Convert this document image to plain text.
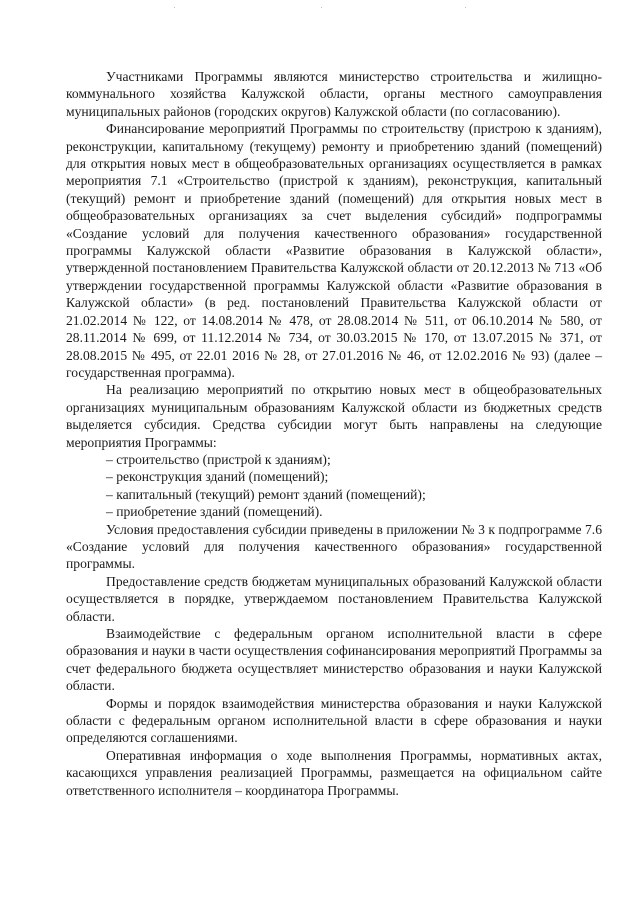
Участниками Программы являются министерство строительства и жилищно-коммунального хозяйства Калужской области, органы местного самоуправления муниципальных районов (городских округов) Калужской области (по согласованию).

Финансирование мероприятий Программы по строительству (пристрою к зданиям), реконструкции, капитальному (текущему) ремонту и приобретению зданий (помещений) для открытия новых мест в общеобразовательных организациях осуществляется в рамках мероприятия 7.1 «Строительство (пристрой к зданиям), реконструкция, капитальный (текущий) ремонт и приобретение зданий (помещений) для открытия новых мест в общеобразовательных организациях за счет выделения субсидий» подпрограммы «Создание условий для получения качественного образования» государственной программы Калужской области «Развитие образования в Калужской области», утвержденной постановлением Правительства Калужской области от 20.12.2013 № 713 «Об утверждении государственной программы Калужской области «Развитие образования в Калужской области» (в ред. постановлений Правительства Калужской области от 21.02.2014 № 122, от 14.08.2014 № 478, от 28.08.2014 № 511, от 06.10.2014 № 580, от 28.11.2014 № 699, от 11.12.2014 № 734, от 30.03.2015 № 170, от 13.07.2015 № 371, от 28.08.2015 № 495, от 22.01 2016 № 28, от 27.01.2016 № 46, от 12.02.2016 № 93) (далее – государственная программа).

На реализацию мероприятий по открытию новых мест в общеобразовательных организациях муниципальным образованиям Калужской области из бюджетных средств выделяется субсидия. Средства субсидии могут быть направлены на следующие мероприятия Программы:

– строительство (пристрой к зданиям);
– реконструкция зданий (помещений);
– капитальный (текущий) ремонт зданий (помещений);
– приобретение зданий (помещений).

Условия предоставления субсидии приведены в приложении № 3 к подпрограмме 7.6 «Создание условий для получения качественного образования» государственной программы.

Предоставление средств бюджетам муниципальных образований Калужской области осуществляется в порядке, утверждаемом постановлением Правительства Калужской области.

Взаимодействие с федеральным органом исполнительной власти в сфере образования и науки в части осуществления софинансирования мероприятий Программы за счет федерального бюджета осуществляет министерство образования и науки Калужской области.

Формы и порядок взаимодействия министерства образования и науки Калужской области с федеральным органом исполнительной власти в сфере образования и науки определяются соглашениями.

Оперативная информация о ходе выполнения Программы, нормативных актах, касающихся управления реализацией Программы, размещается на официальном сайте ответственного исполнителя – координатора Программы.
